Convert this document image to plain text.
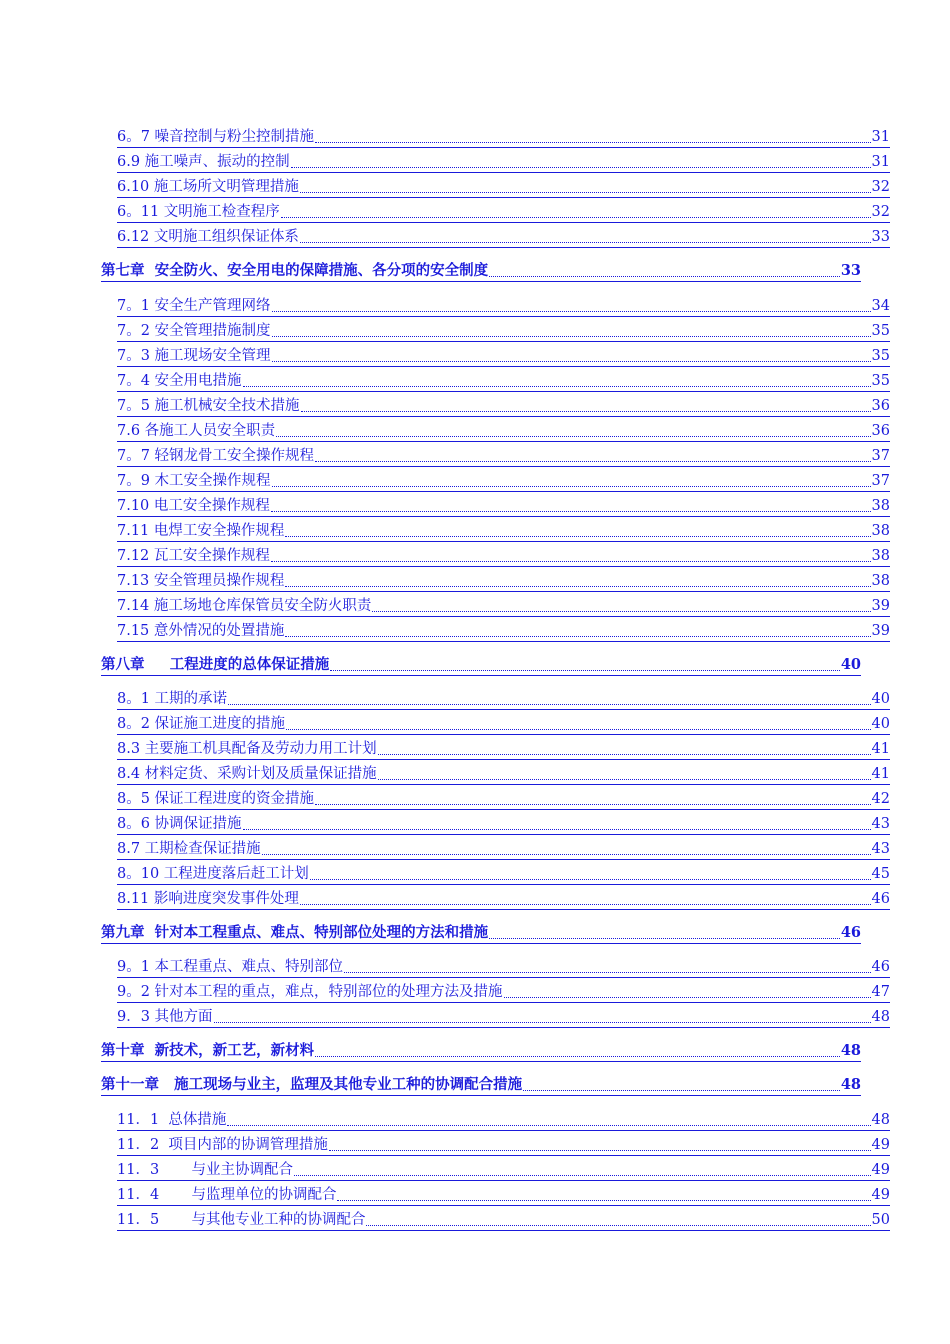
6。7 噪音控制与粉尘控制措施	31
6.9 施工噪声、振动的控制	31
6.10 施工场所文明管理措施	32
6。11 文明施工检查程序	32
6.12 文明施工组织保证体系	33
第七章  安全防火、安全用电的保障措施、各分项的安全制度	33
7。1 安全生产管理网络	34
7。2 安全管理措施制度	35
7。3 施工现场安全管理	35
7。4 安全用电措施	35
7。5 施工机械安全技术措施	36
7.6 各施工人员安全职责	36
7。7 轻钢龙骨工安全操作规程	37
7。9 木工安全操作规程	37
7.10 电工安全操作规程	38
7.11 电焊工安全操作规程	38
7.12 瓦工安全操作规程	38
7.13 安全管理员操作规程	38
7.14 施工场地仓库保管员安全防火职责	39
7.15 意外情况的处置措施	39
第八章     工程进度的总体保证措施	40
8。1 工期的承诺	40
8。2 保证施工进度的措施	40
8.3 主要施工机具配备及劳动力用工计划	41
8.4 材料定货、采购计划及质量保证措施	41
8。5 保证工程进度的资金措施	42
8。6 协调保证措施	43
8.7 工期检查保证措施	43
8。10 工程进度落后赶工计划	45
8.11 影响进度突发事件处理	46
第九章  针对本工程重点、难点、特别部位处理的方法和措施	46
9。1 本工程重点、难点、特别部位	46
9。2 针对本工程的重点，难点，特别部位的处理方法及措施	47
9．3 其他方面	48
第十章  新技术，新工艺，新材料	48
第十一章   施工现场与业主，监理及其他专业工种的协调配合措施	48
11．1  总体措施	48
11．2  项目内部的协调管理措施	49
11．3       与业主协调配合	49
11．4       与监理单位的协调配合	49
11．5       与其他专业工种的协调配合	50
